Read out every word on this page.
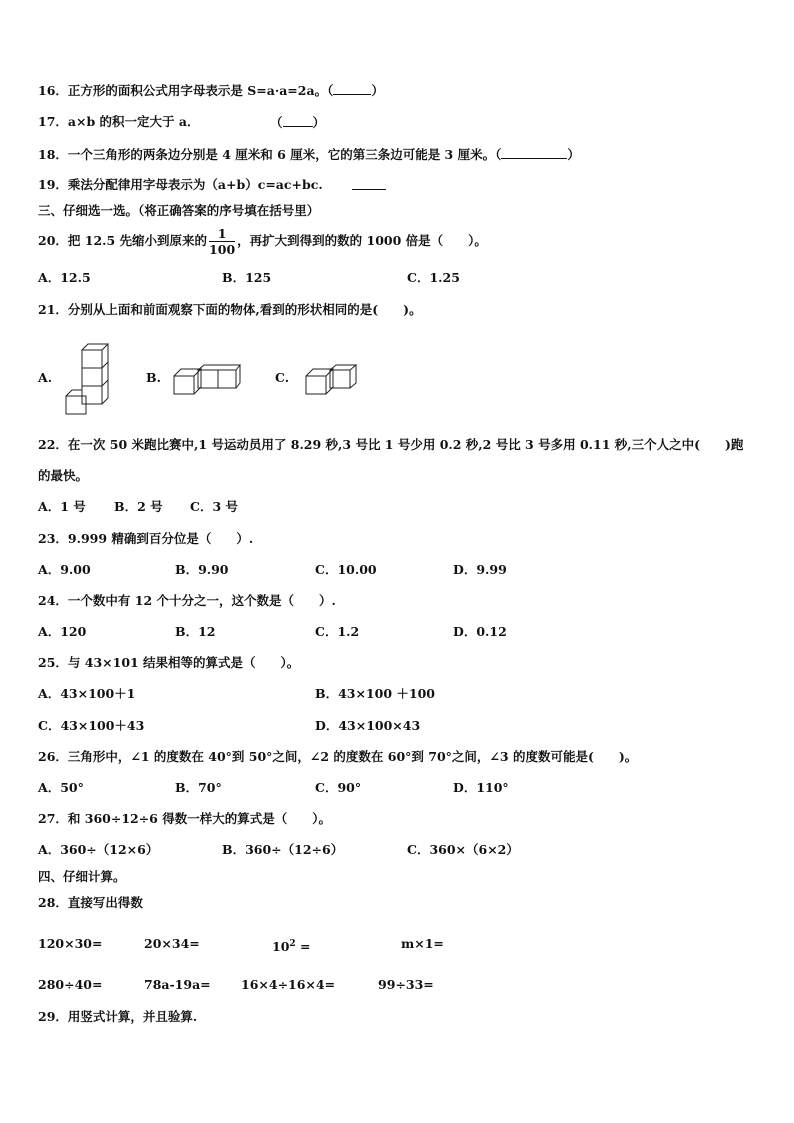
16．正方形的面积公式用字母表示是 S=a·a=2a。（	）
17．a×b 的积一定大于 a．	（ ）
18．一个三角形的两条边分别是 4 厘米和 6 厘米，它的第三条边可能是 3 厘米。（	）
19．乘法分配律用字母表示为（a+b）c=ac+bc.
三、仔细选一选。（将正确答案的序号填在括号里）
20．把 12.5 先缩小到原来的 $\frac{1}{100}$ ，再扩大到得到的数的 1000 倍是（　　）。
A．12.5	B．125	C．1.25
21．分别从上面和前面观察下面的物体,看到的形状相同的是(　　)。
A.	B.	C.
22．在一次 50 米跑比赛中,1 号运动员用了 8.29 秒,3 号比 1 号少用 0.2 秒,2 号比 3 号多用 0.11 秒,三个人之中(　　)跑
的最快。
A．1 号 B．2 号 C．3 号
23．9.999 精确到百分位是（　　）.
A．9.00	B．9.90	C．10.00	D．9.99
24．一个数中有 12 个十分之一，这个数是（　　）.
A．120	B．12	C．1.2	D．0.12
25．与 43×101 结果相等的算式是（　　）。
A．43×100＋1	B．43×100 ＋100
C．43×100＋43	D．43×100×43
26．三角形中，∠1 的度数在 40°到 50°之间，∠2 的度数在 60°到 70°之间，∠3 的度数可能是(　　)。
A．50°	B．70°	C．90°	D．110°
27．和 360÷12÷6 得数一样大的算式是（　　）。
A．360÷（12×6）	B．360÷（12÷6）	C．360×（6×2）
四、仔细计算。
28．直接写出得数
120×30=	20×34=	$10^2$ =	m×1=
280÷40=	78a-19a= 16×4÷16×4=	99÷33=
29．用竖式计算，并且验算.
